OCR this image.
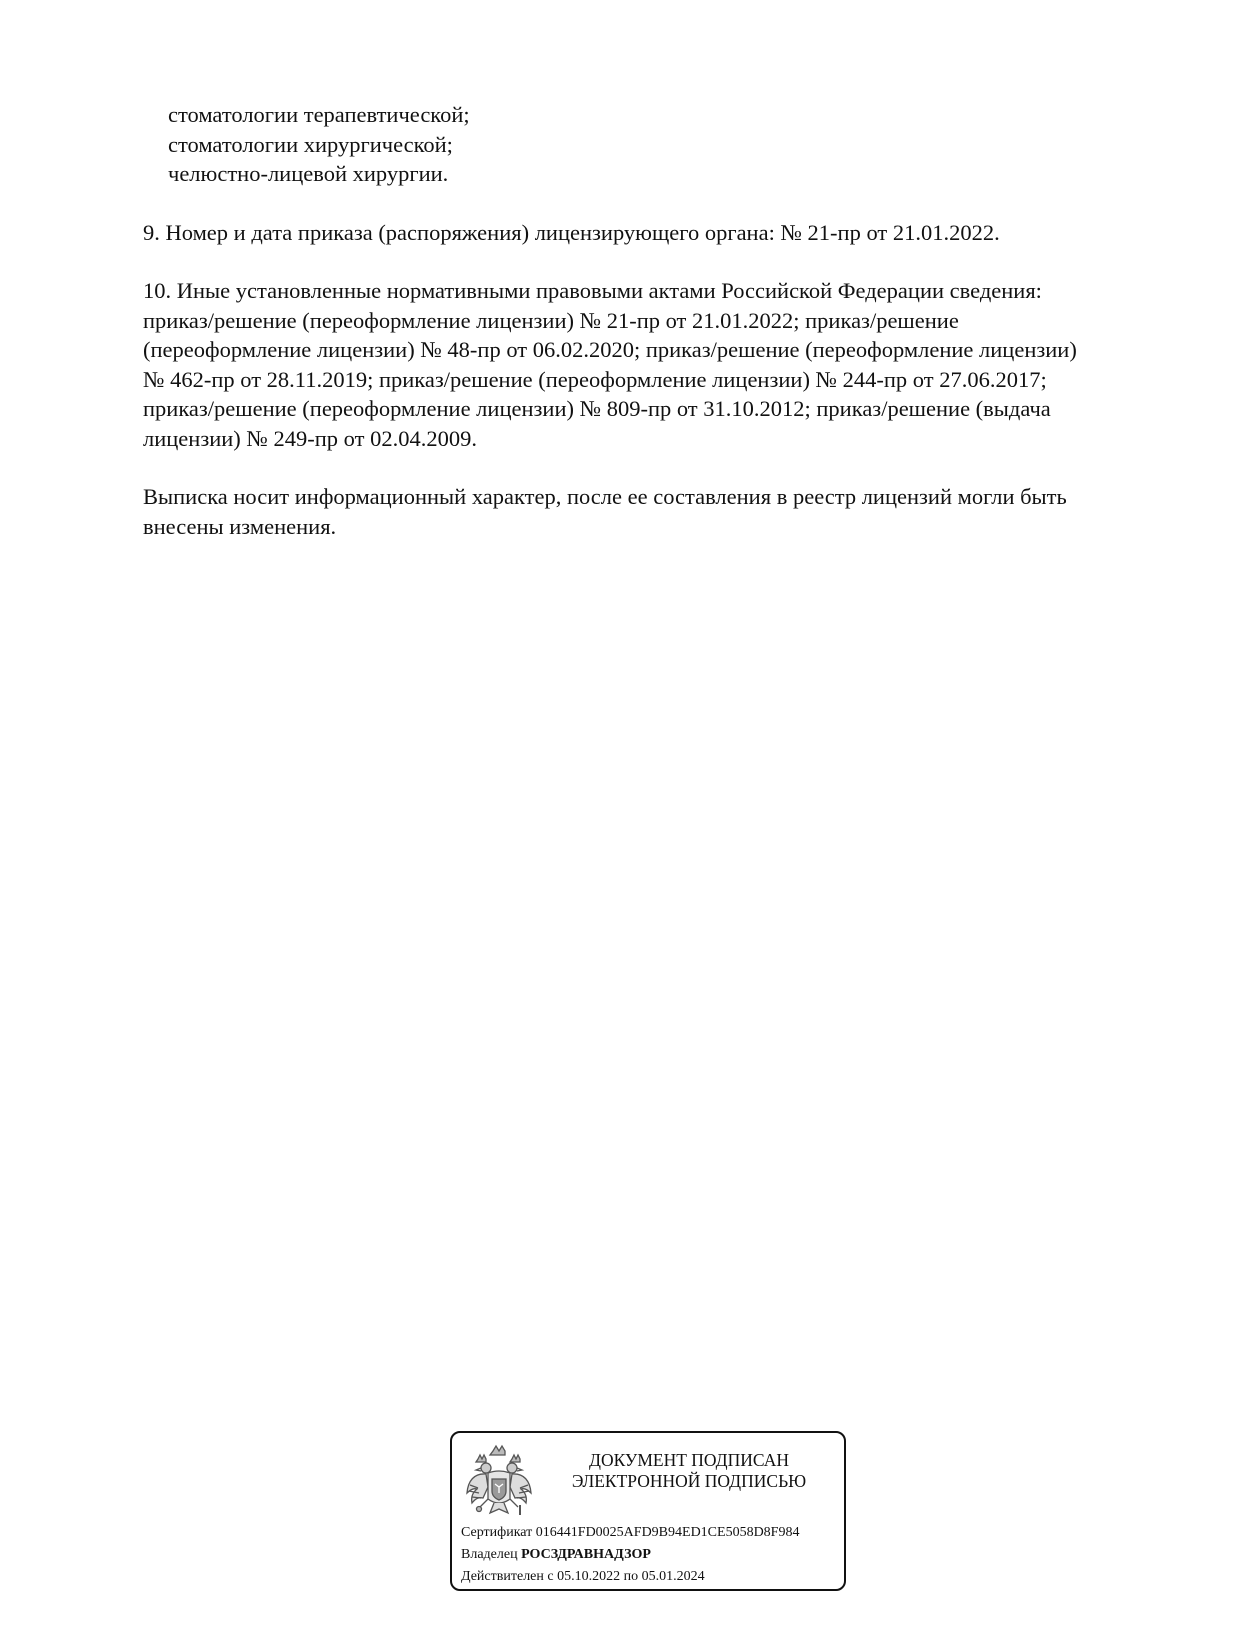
стоматологии терапевтической;
стоматологии хирургической;
челюстно-лицевой хирургии.

9. Номер и дата приказа (распоряжения) лицензирующего органа: № 21-пр от 21.01.2022.

10. Иные установленные нормативными правовыми актами Российской Федерации сведения:
приказ/решение (переоформление лицензии) № 21-пр от 21.01.2022; приказ/решение
(переоформление лицензии) № 48-пр от 06.02.2020; приказ/решение (переоформление лицензии)
№ 462-пр от 28.11.2019; приказ/решение (переоформление лицензии) № 244-пр от 27.06.2017;
приказ/решение (переоформление лицензии) № 809-пр от 31.10.2012; приказ/решение (выдача
лицензии) № 249-пр от 02.04.2009.
Выписка носит информационный характер, после ее составления в реестр лицензий могли быть
внесены изменения.
ДОКУМЕНТ ПОДПИСАН
ЭЛЕКТРОННОЙ ПОДПИСЬЮ
Сертификат 016441FD0025AFD9B94ED1CE5058D8F984
Владелец РОСЗДРАВНАДЗОР
Действителен с 05.10.2022 по 05.01.2024
